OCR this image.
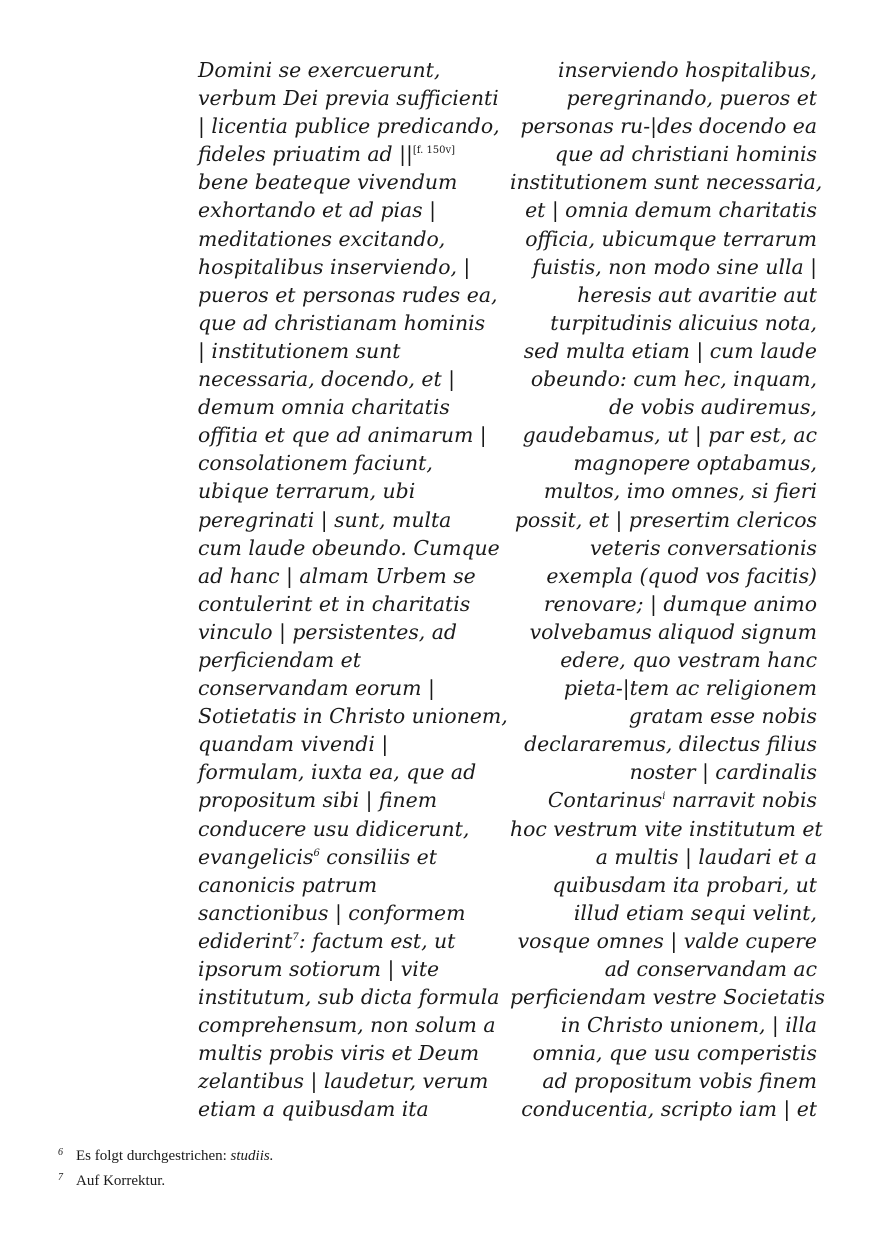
Domini se exercuerunt,
verbum Dei previa sufficienti
| licentia publice predicando,
fideles priuatim ad ||[f. 150v]
bene beateque vivendum
exhortando et ad pias |
meditationes excitando,
hospitalibus inserviendo, |
pueros et personas rudes ea,
que ad christianam hominis
| institutionem sunt
necessaria, docendo, et |
demum omnia charitatis
offitia et que ad animarum |
consolationem faciunt,
ubique terrarum, ubi
peregrinati | sunt, multa
cum laude obeundo. Cumque
ad hanc | almam Urbem se
contulerint et in charitatis
vinculo | persistentes, ad
perficiendam et
conservandam eorum |
Sotietatis in Christo unionem,
quandam vivendi |
formulam, iuxta ea, que ad
propositum sibi | finem
conducere usu didicerunt,
evangelicis$^6$ consiliis et
canonicis patrum
sanctionibus | conformem
ediderint$^7$: factum est, ut
ipsorum sotiorum | vite
institutum, sub dicta formula
comprehensum, non solum a
multis probis viris et Deum
zelantibus | laudetur, verum
etiam a quibusdam ita
inserviendo hospitalibus,
peregrinando, pueros et
personas ru-|des docendo ea
que ad christiani hominis
institutionem sunt necessaria,
et | omnia demum charitatis
officia, ubicumque terrarum
fuistis, non modo sine ulla |
heresis aut avaritie aut
turpitudinis alicuius nota,
sed multa etiam | cum laude
obeundo: cum hec, inquam,
de vobis audiremus,
gaudebamus, ut | par est, ac
magnopere optabamus,
multos, imo omnes, si fieri
possit, et | presertim clericos
veteris conversationis
exempla (quod vos facitis)
renovare; | dumque animo
volvebamus aliquod signum
edere, quo vestram hanc
pieta-|tem ac religionem
gratam esse nobis
declararemus, dilectus filius
noster | cardinalis
Contarinus$^i$ narravit nobis
hoc vestrum vite institutum et
a multis | laudari et a
quibusdam ita probari, ut
illud etiam sequi velint,
vosque omnes | valde cupere
ad conservandam ac
perficiendam vestre Societatis
in Christo unionem, | illa
omnia, que usu comperistis
ad propositum vobis finem
conducentia, scripto iam | et
6 Es folgt durchgestrichen: studiis.
7 Auf Korrektur.
